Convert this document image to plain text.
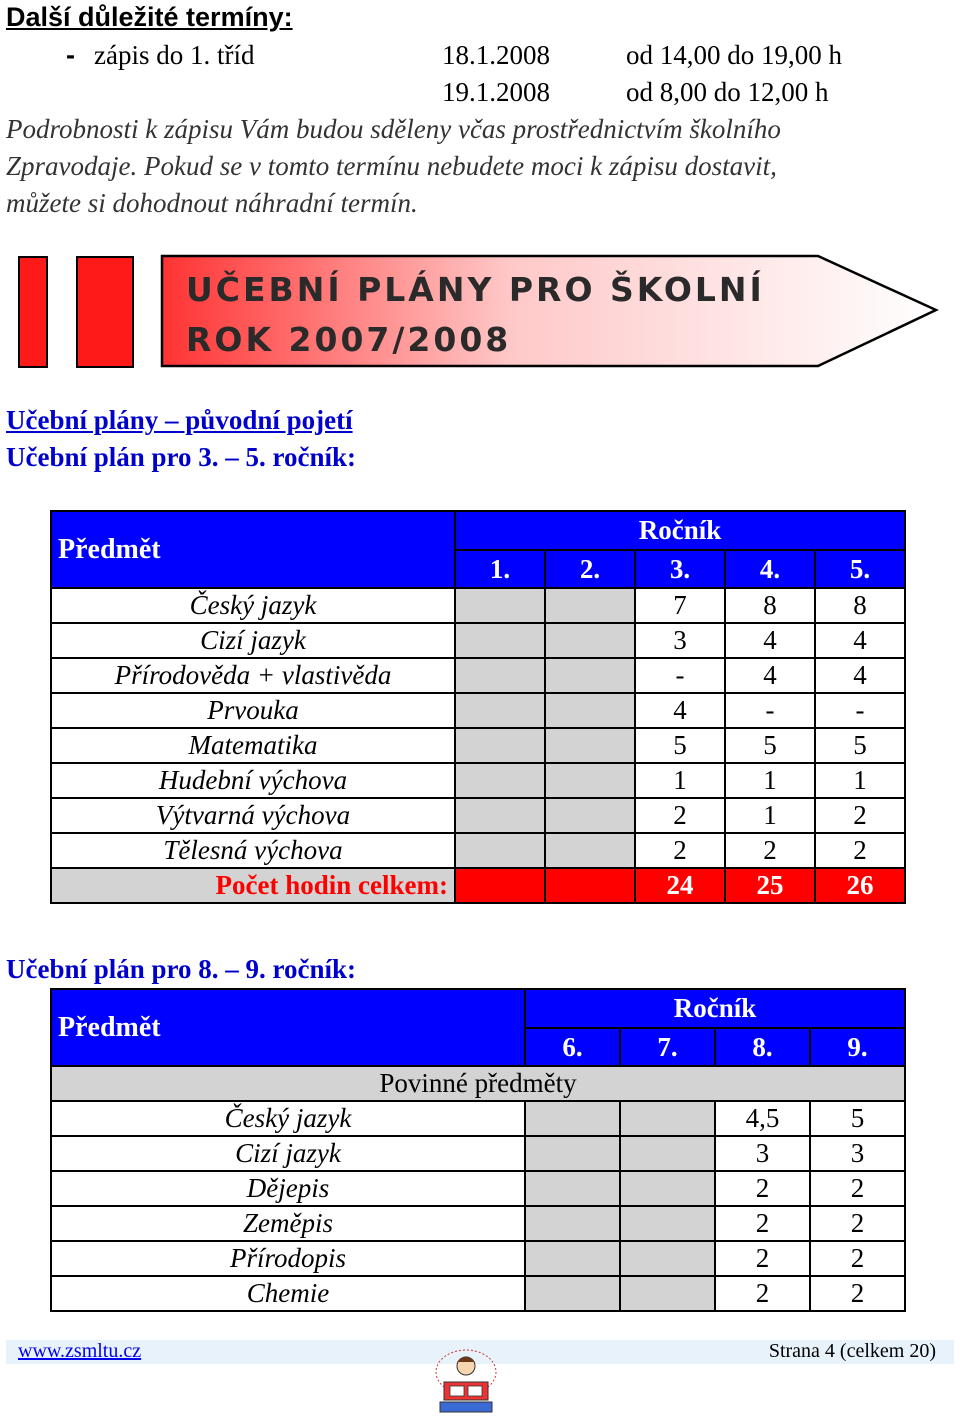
Další důležité termíny:
- zápis do 1. tříd	18.1.2008	od 14,00 do 19,00 h
19.1.2008	od 8,00 do 12,00 h
Podrobnosti k zápisu Vám budou sděleny včas prostřednictvím školního
Zpravodaje. Pokud se v tomto termínu nebudete moci k zápisu dostavit,
můžete si dohodnout náhradní termín.
UČEBNÍ PLÁNY PRO ŠKOLNÍ
ROK 2007/2008
Učební plány – původní pojetí
Učební plán pro 3. – 5. ročník:
Předmět	Ročník				
	1.	2.	3.	4.	5.
Český jazyk			7	8	8
Cizí jazyk			3	4	4
Přírodověda + vlastivěda			-	4	4
Prvouka			4	-	-
Matematika			5	5	5
Hudební výchova			1	1	1
Výtvarná výchova			2	1	2
Tělesná výchova			2	2	2
Počet hodin celkem:			24	25	26
Učební plán pro 8. – 9. ročník:
Předmět	Ročník			
	6.	7.	8.	9.
Povinné předměty				
Český jazyk			4,5	5
Cizí jazyk			3	3
Dějepis			2	2
Zeměpis			2	2
Přírodopis			2	2
Chemie			2	2
www.zsmltu.cz	Strana 4 (celkem 20)
